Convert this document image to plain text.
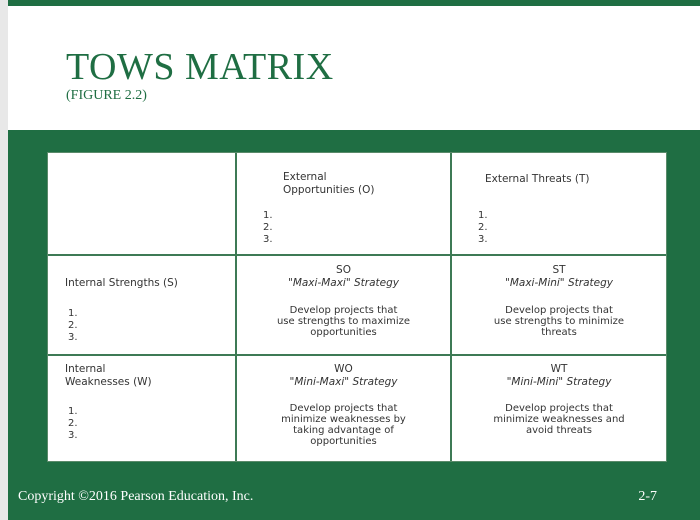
TOWS MATRIX
(FIGURE 2.2)
External
Opportunities (O)
1.
2.
3.
External Threats (T)
1.
2.
3.
Internal Strengths (S)
1.
2.
3.
SO
"Maxi-Maxi" Strategy
Develop projects that
use strengths to maximize
opportunities
ST
"Maxi-Mini" Strategy
Develop projects that
use strengths to minimize
threats
Internal
Weaknesses (W)
1.
2.
3.
WO
"Mini-Maxi" Strategy
Develop projects that
minimize weaknesses by
taking advantage of
opportunities
WT
"Mini-Mini" Strategy
Develop projects that
minimize weaknesses and
avoid threats
Copyright ©2016 Pearson Education, Inc.	2-7
